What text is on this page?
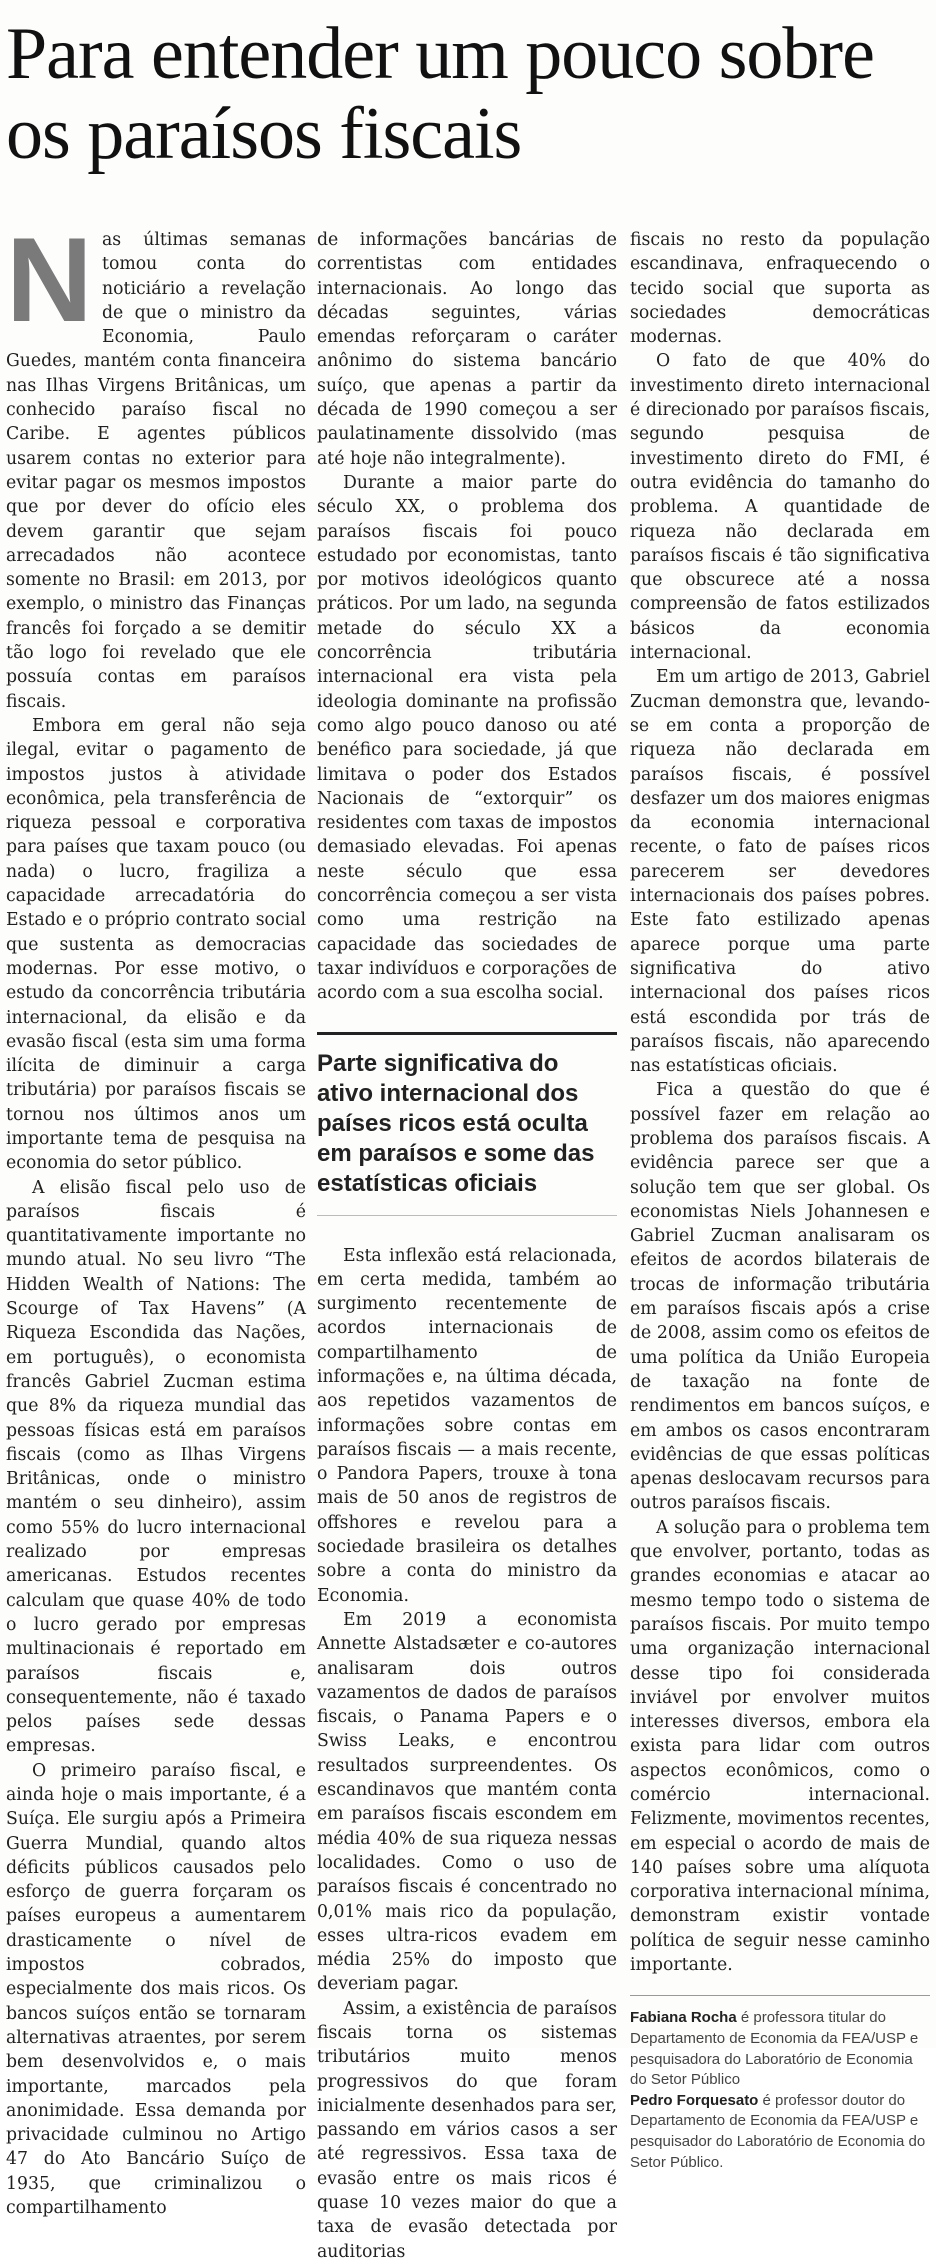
Para entender um pouco sobre os paraísos fiscais

Nas últimas semanas tomou conta do noticiário a revelação de que o ministro da Economia, Paulo Guedes, mantém conta financeira nas Ilhas Virgens Britânicas, um conhecido paraíso fiscal no Caribe. E agentes públicos usarem contas no exterior para evitar pagar os mesmos impostos que por dever do ofício eles devem garantir que sejam arrecadados não acontece somente no Brasil: em 2013, por exemplo, o ministro das Finanças francês foi forçado a se demitir tão logo foi revelado que ele possuía contas em paraísos fiscais.

Embora em geral não seja ilegal, evitar o pagamento de impostos justos à atividade econômica, pela transferência de riqueza pessoal e corporativa para países que taxam pouco (ou nada) o lucro, fragiliza a capacidade arrecadatória do Estado e o próprio contrato social que sustenta as democracias modernas. Por esse motivo, o estudo da concorrência tributária internacional, da elisão e da evasão fiscal (esta sim uma forma ilícita de diminuir a carga tributária) por paraísos fiscais se tornou nos últimos anos um importante tema de pesquisa na economia do setor público.

A elisão fiscal pelo uso de paraísos fiscais é quantitativamente importante no mundo atual. No seu livro “The Hidden Wealth of Nations: The Scourge of Tax Havens” (A Riqueza Escondida das Nações, em português), o economista francês Gabriel Zucman estima que 8% da riqueza mundial das pessoas físicas está em paraísos fiscais (como as Ilhas Virgens Britânicas, onde o ministro mantém o seu dinheiro), assim como 55% do lucro internacional realizado por empresas americanas. Estudos recentes calculam que quase 40% de todo o lucro gerado por empresas multinacionais é reportado em paraísos fiscais e, consequentemente, não é taxado pelos países sede dessas empresas.

O primeiro paraíso fiscal, e ainda hoje o mais importante, é a Suíça. Ele surgiu após a Primeira Guerra Mundial, quando altos déficits públicos causados pelo esforço de guerra forçaram os países europeus a aumentarem drasticamente o nível de impostos cobrados, especialmente dos mais ricos. Os bancos suíços então se tornaram alternativas atraentes, por serem bem desenvolvidos e, o mais importante, marcados pela anonimidade. Essa demanda por privacidade culminou no Artigo 47 do Ato Bancário Suíço de 1935, que criminalizou o compartilhamento

de informações bancárias de correntistas com entidades internacionais. Ao longo das décadas seguintes, várias emendas reforçaram o caráter anônimo do sistema bancário suíço, que apenas a partir da década de 1990 começou a ser paulatinamente dissolvido (mas até hoje não integralmente).

Durante a maior parte do século XX, o problema dos paraísos fiscais foi pouco estudado por economistas, tanto por motivos ideológicos quanto práticos. Por um lado, na segunda metade do século XX a concorrência tributária internacional era vista pela ideologia dominante na profissão como algo pouco danoso ou até benéfico para sociedade, já que limitava o poder dos Estados Nacionais de “extorquir” os residentes com taxas de impostos demasiado elevadas. Foi apenas neste século que essa concorrência começou a ser vista como uma restrição na capacidade das sociedades de taxar indivíduos e corporações de acordo com a sua escolha social.

Parte significativa do ativo internacional dos países ricos está oculta em paraísos e some das estatísticas oficiais

Esta inflexão está relacionada, em certa medida, também ao surgimento recentemente de acordos internacionais de compartilhamento de informações e, na última década, aos repetidos vazamentos de informações sobre contas em paraísos fiscais — a mais recente, o Pandora Papers, trouxe à tona mais de 50 anos de registros de offshores e revelou para a sociedade brasileira os detalhes sobre a conta do ministro da Economia.

Em 2019 a economista Annette Alstadsæter e co-autores analisaram dois outros vazamentos de dados de paraísos fiscais, o Panama Papers e o Swiss Leaks, e encontrou resultados surpreendentes. Os escandinavos que mantém conta em paraísos fiscais escondem em média 40% de sua riqueza nessas localidades. Como o uso de paraísos fiscais é concentrado no 0,01% mais rico da população, esses ultra-ricos evadem em média 25% do imposto que deveriam pagar.

Assim, a existência de paraísos fiscais torna os sistemas tributários muito menos progressivos do que foram inicialmente desenhados para ser, passando em vários casos a ser até regressivos. Essa taxa de evasão entre os mais ricos é quase 10 vezes maior do que a taxa de evasão detectada por auditorias

fiscais no resto da população escandinava, enfraquecendo o tecido social que suporta as sociedades democráticas modernas.

O fato de que 40% do investimento direto internacional é direcionado por paraísos fiscais, segundo pesquisa de investimento direto do FMI, é outra evidência do tamanho do problema. A quantidade de riqueza não declarada em paraísos fiscais é tão significativa que obscurece até a nossa compreensão de fatos estilizados básicos da economia internacional.

Em um artigo de 2013, Gabriel Zucman demonstra que, levando-se em conta a proporção de riqueza não declarada em paraísos fiscais, é possível desfazer um dos maiores enigmas da economia internacional recente, o fato de países ricos parecerem ser devedores internacionais dos países pobres. Este fato estilizado apenas aparece porque uma parte significativa do ativo internacional dos países ricos está escondida por trás de paraísos fiscais, não aparecendo nas estatísticas oficiais.

Fica a questão do que é possível fazer em relação ao problema dos paraísos fiscais. A evidência parece ser que a solução tem que ser global. Os economistas Niels Johannesen e Gabriel Zucman analisaram os efeitos de acordos bilaterais de trocas de informação tributária em paraísos fiscais após a crise de 2008, assim como os efeitos de uma política da União Europeia de taxação na fonte de rendimentos em bancos suíços, e em ambos os casos encontraram evidências de que essas políticas apenas deslocavam recursos para outros paraísos fiscais.

A solução para o problema tem que envolver, portanto, todas as grandes economias e atacar ao mesmo tempo todo o sistema de paraísos fiscais. Por muito tempo uma organização internacional desse tipo foi considerada inviável por envolver muitos interesses diversos, embora ela exista para lidar com outros aspectos econômicos, como o comércio internacional. Felizmente, movimentos recentes, em especial o acordo de mais de 140 países sobre uma alíquota corporativa internacional mínima, demonstram existir vontade política de seguir nesse caminho importante.

Fabiana Rocha é professora titular do Departamento de Economia da FEA/USP e pesquisadora do Laboratório de Economia do Setor Público

Pedro Forquesato é professor doutor do Departamento de Economia da FEA/USP e pesquisador do Laboratório de Economia do Setor Público.
